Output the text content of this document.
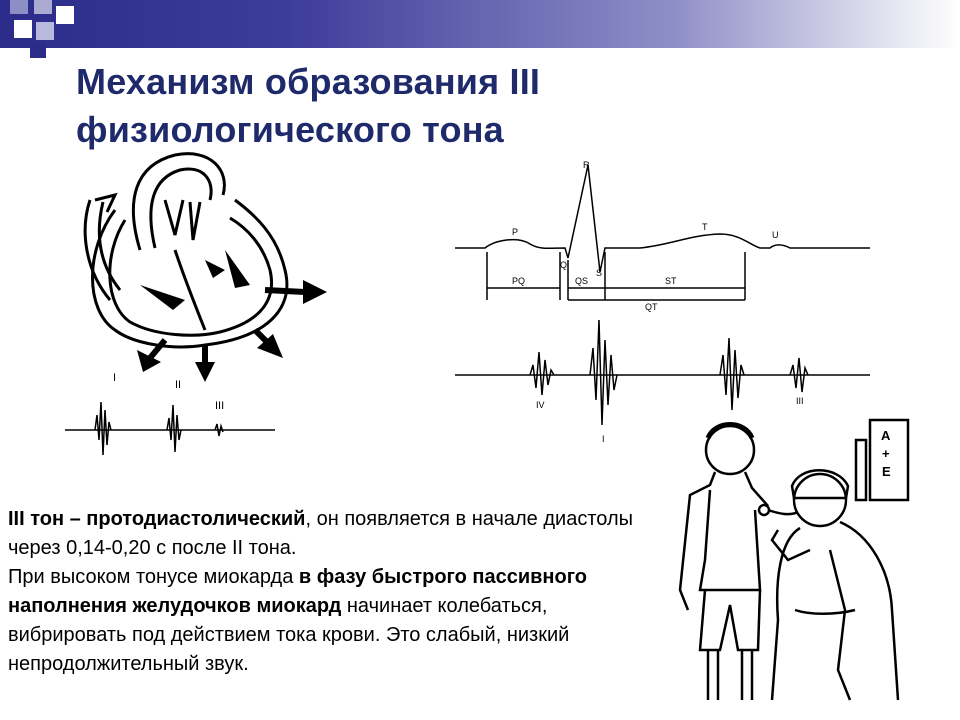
Механизм образования III
физиологического тона
I
II
III
P
Q
R
S
T
U
PQ	QS	ST
QT
IV
I
III
A
+
E
III тон – протодиастолический, он появляется в начале диастолы через 0,14-0,20 с после II тона.
При высоком тонусе миокарда в фазу быстрого пассивного наполнения желудочков миокард начинает колебаться, вибрировать под действием тока крови. Это слабый, низкий непродолжительный звук.
